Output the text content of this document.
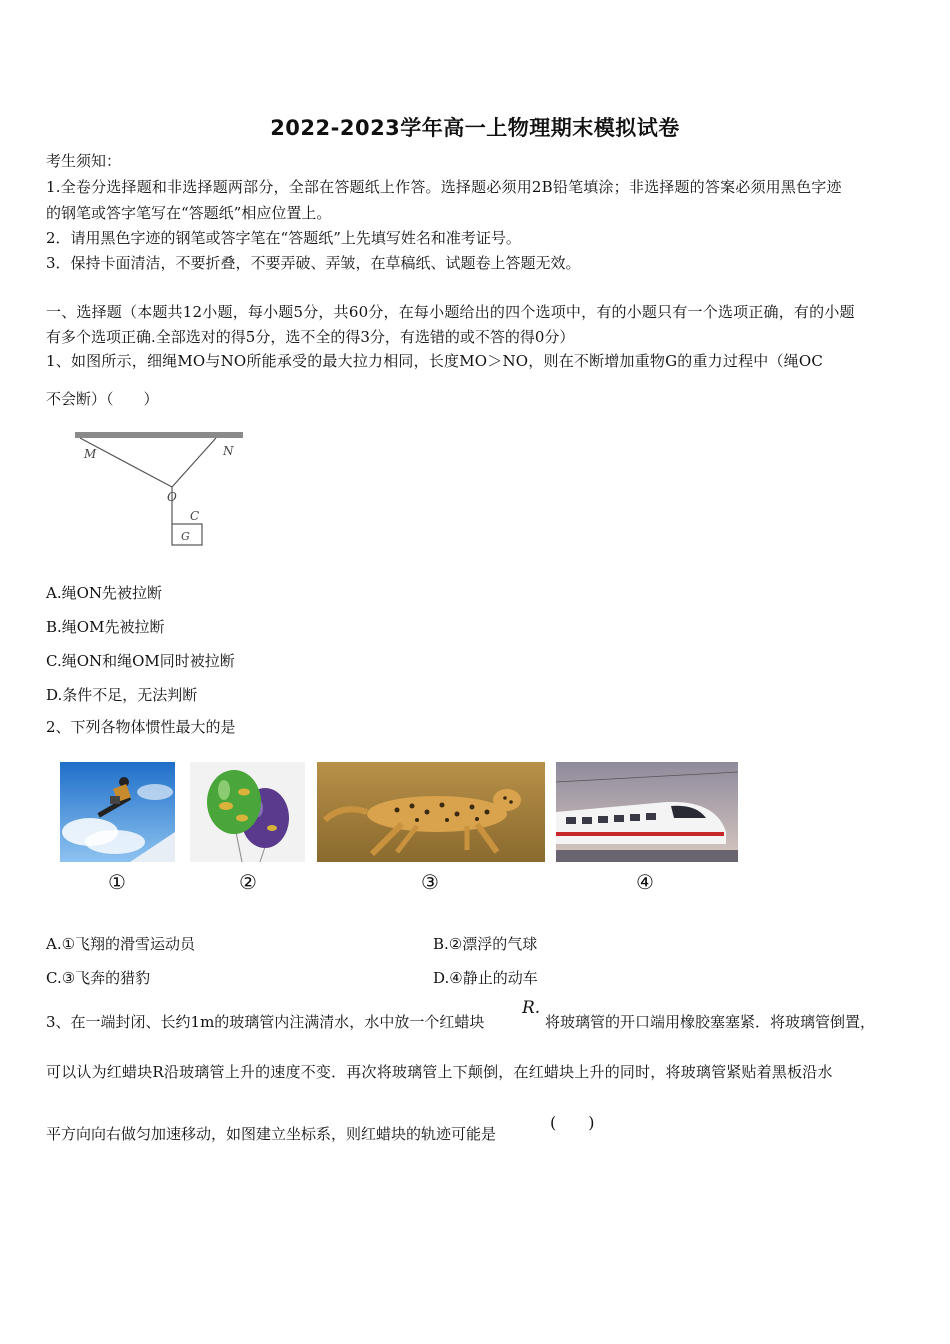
2022-2023学年高一上物理期末模拟试卷
考生须知：
1.全卷分选择题和非选择题两部分，全部在答题纸上作答。选择题必须用2B铅笔填涂；非选择题的答案必须用黑色字迹
的钢笔或答字笔写在“答题纸”相应位置上。
2．请用黑色字迹的钢笔或答字笔在“答题纸”上先填写姓名和准考证号。
3．保持卡面清洁，不要折叠，不要弄破、弄皱，在草稿纸、试题卷上答题无效。
一、选择题（本题共12小题，每小题5分，共60分，在每小题给出的四个选项中，有的小题只有一个选项正确，有的小题
有多个选项正确.全部选对的得5分，选不全的得3分，有选错的或不答的得0分）
1、如图所示，细绳MO与NO所能承受的最大拉力相同，长度MO＞NO，则在不断增加重物G的重力过程中（绳OC
不会断）（　　）
M	N
O
C
G
A.绳ON先被拉断
B.绳OM先被拉断
C.绳ON和绳OM同时被拉断
D.条件不足，无法判断
2、下列各物体惯性最大的是
①	②	③	④
A.①飞翔的滑雪运动员	B.②漂浮的气球
C.③飞奔的猎豹	D.④静止的动车
3、在一端封闭、长约1m的玻璃管内注满清水，水中放一个红蜡块
R.
将玻璃管的开口端用橡胶塞塞紧．将玻璃管倒置，
可以认为红蜡块R沿玻璃管上升的速度不变．再次将玻璃管上下颠倒，在红蜡块上升的同时，将玻璃管紧贴着黑板沿水
平方向向右做匀加速移动，如图建立坐标系，则红蜡块的轨迹可能是
(　　)
